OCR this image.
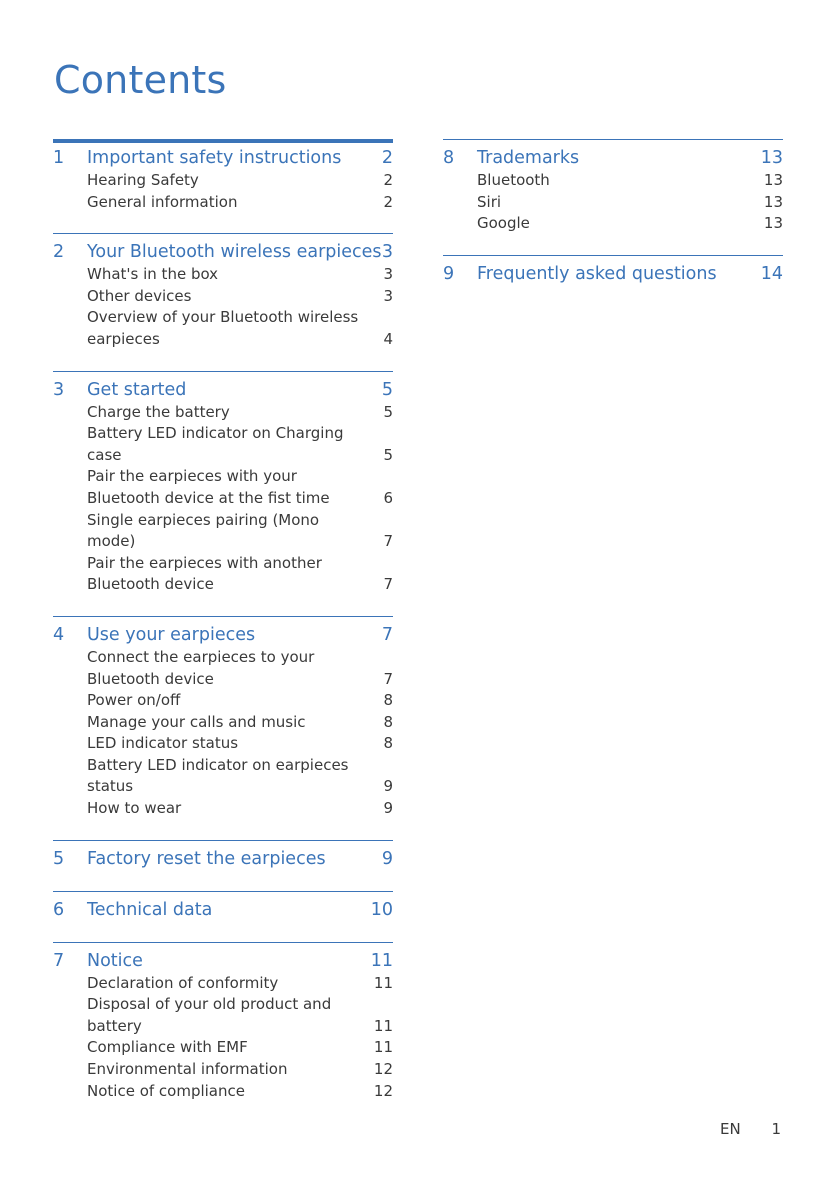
Contents
1	Important safety instructions	2
Hearing Safety	2
General information	2
2	Your Bluetooth wireless earpieces 3
What's in the box	3
Other devices	3
Overview of your Bluetooth wireless earpieces	4
3	Get started	5
Charge the battery	5
Battery LED indicator on Charging case	5
Pair the earpieces with your Bluetooth device at the fist time	6
Single earpieces pairing (Mono mode)	7
Pair the earpieces with another Bluetooth device	7
4	Use your earpieces	7
Connect the earpieces to your Bluetooth device	7
Power on/off	8
Manage your calls and music	8
LED indicator status	8
Battery LED indicator on earpieces status	9
How to wear	9
5	Factory reset the earpieces	9
6	Technical data	10
7	Notice	11
Declaration of conformity	11
Disposal of your old product and battery	11
Compliance with EMF	11
Environmental information	12
Notice of compliance	12
8	Trademarks	13
Bluetooth	13
Siri	13
Google	13
9	Frequently asked questions	14
EN 1
